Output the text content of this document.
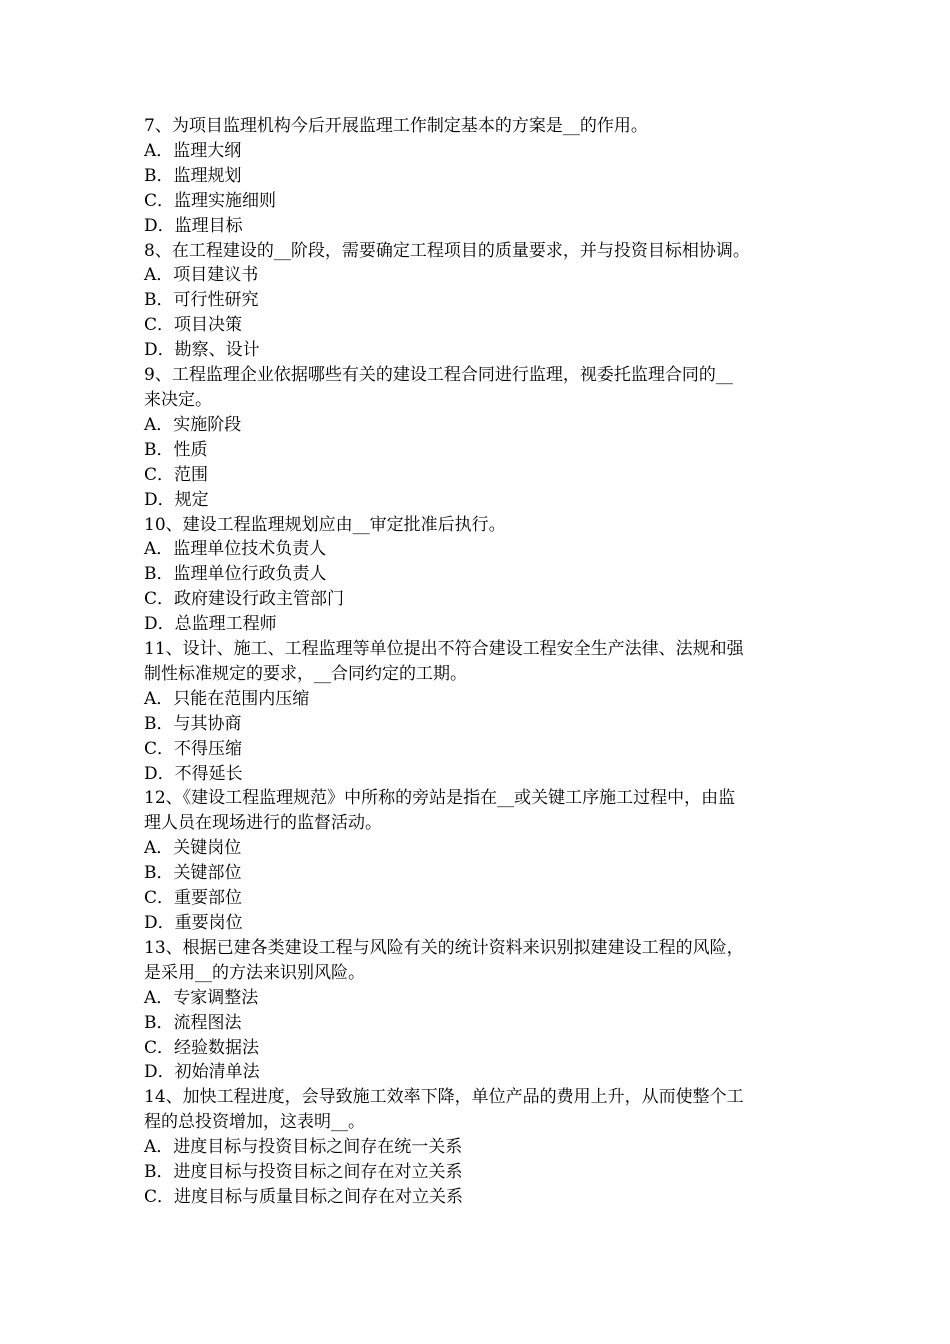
7、为项目监理机构今后开展监理工作制定基本的方案是__的作用。

A．监理大纲

B．监理规划

C．监理实施细则

D．监理目标

8、在工程建设的__阶段，需要确定工程项目的质量要求，并与投资目标相协调。

A．项目建议书

B．可行性研究

C．项目决策

D．勘察、设计

9、工程监理企业依据哪些有关的建设工程合同进行监理，视委托监理合同的__
来决定。

A．实施阶段

B．性质

C．范围

D．规定

10、建设工程监理规划应由__审定批准后执行。

A．监理单位技术负责人

B．监理单位行政负责人

C．政府建设行政主管部门

D．总监理工程师

11、设计、施工、工程监理等单位提出不符合建设工程安全生产法律、法规和强
制性标准规定的要求，__合同约定的工期。

A．只能在范围内压缩

B．与其协商

C．不得压缩

D．不得延长

12、《建设工程监理规范》中所称的旁站是指在__或关键工序施工过程中，由监
理人员在现场进行的监督活动。

A．关键岗位

B．关键部位

C．重要部位

D．重要岗位

13、根据已建各类建设工程与风险有关的统计资料来识别拟建建设工程的风险，
是采用__的方法来识别风险。

A．专家调整法

B．流程图法

C．经验数据法

D．初始清单法

14、加快工程进度，会导致施工效率下降，单位产品的费用上升，从而使整个工
程的总投资增加，这表明__。

A．进度目标与投资目标之间存在统一关系

B．进度目标与投资目标之间存在对立关系

C．进度目标与质量目标之间存在对立关系
